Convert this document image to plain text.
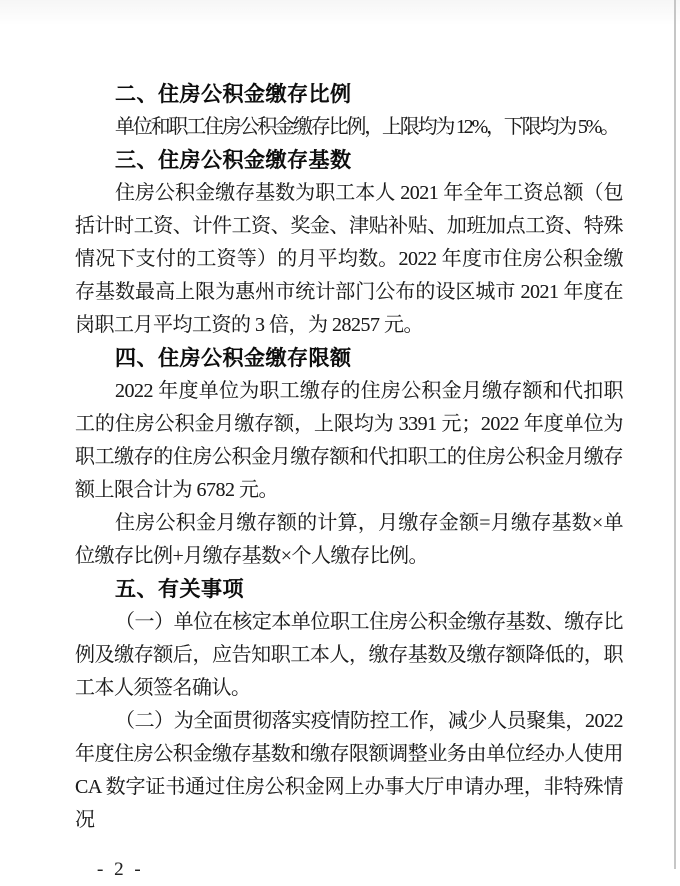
二、住房公积金缴存比例

单位和职工住房公积金缴存比例，上限均为 12%，下限均为 5%。

三、住房公积金缴存基数

住房公积金缴存基数为职工本人 2021 年全年工资总额（包括计时工资、计件工资、奖金、津贴补贴、加班加点工资、特殊情况下支付的工资等）的月平均数。2022 年度市住房公积金缴存基数最高上限为惠州市统计部门公布的设区城市 2021 年度在岗职工月平均工资的 3 倍，为 28257 元。

四、住房公积金缴存限额

2022 年度单位为职工缴存的住房公积金月缴存额和代扣职工的住房公积金月缴存额，上限均为 3391 元；2022 年度单位为职工缴存的住房公积金月缴存额和代扣职工的住房公积金月缴存额上限合计为 6782 元。

住房公积金月缴存额的计算，月缴存金额=月缴存基数×单位缴存比例+月缴存基数×个人缴存比例。

五、有关事项

（一）单位在核定本单位职工住房公积金缴存基数、缴存比例及缴存额后，应告知职工本人，缴存基数及缴存额降低的，职工本人须签名确认。

（二）为全面贯彻落实疫情防控工作，减少人员聚集，2022 年度住房公积金缴存基数和缴存限额调整业务由单位经办人使用 CA 数字证书通过住房公积金网上办事大厅申请办理，非特殊情况

- 2 -
